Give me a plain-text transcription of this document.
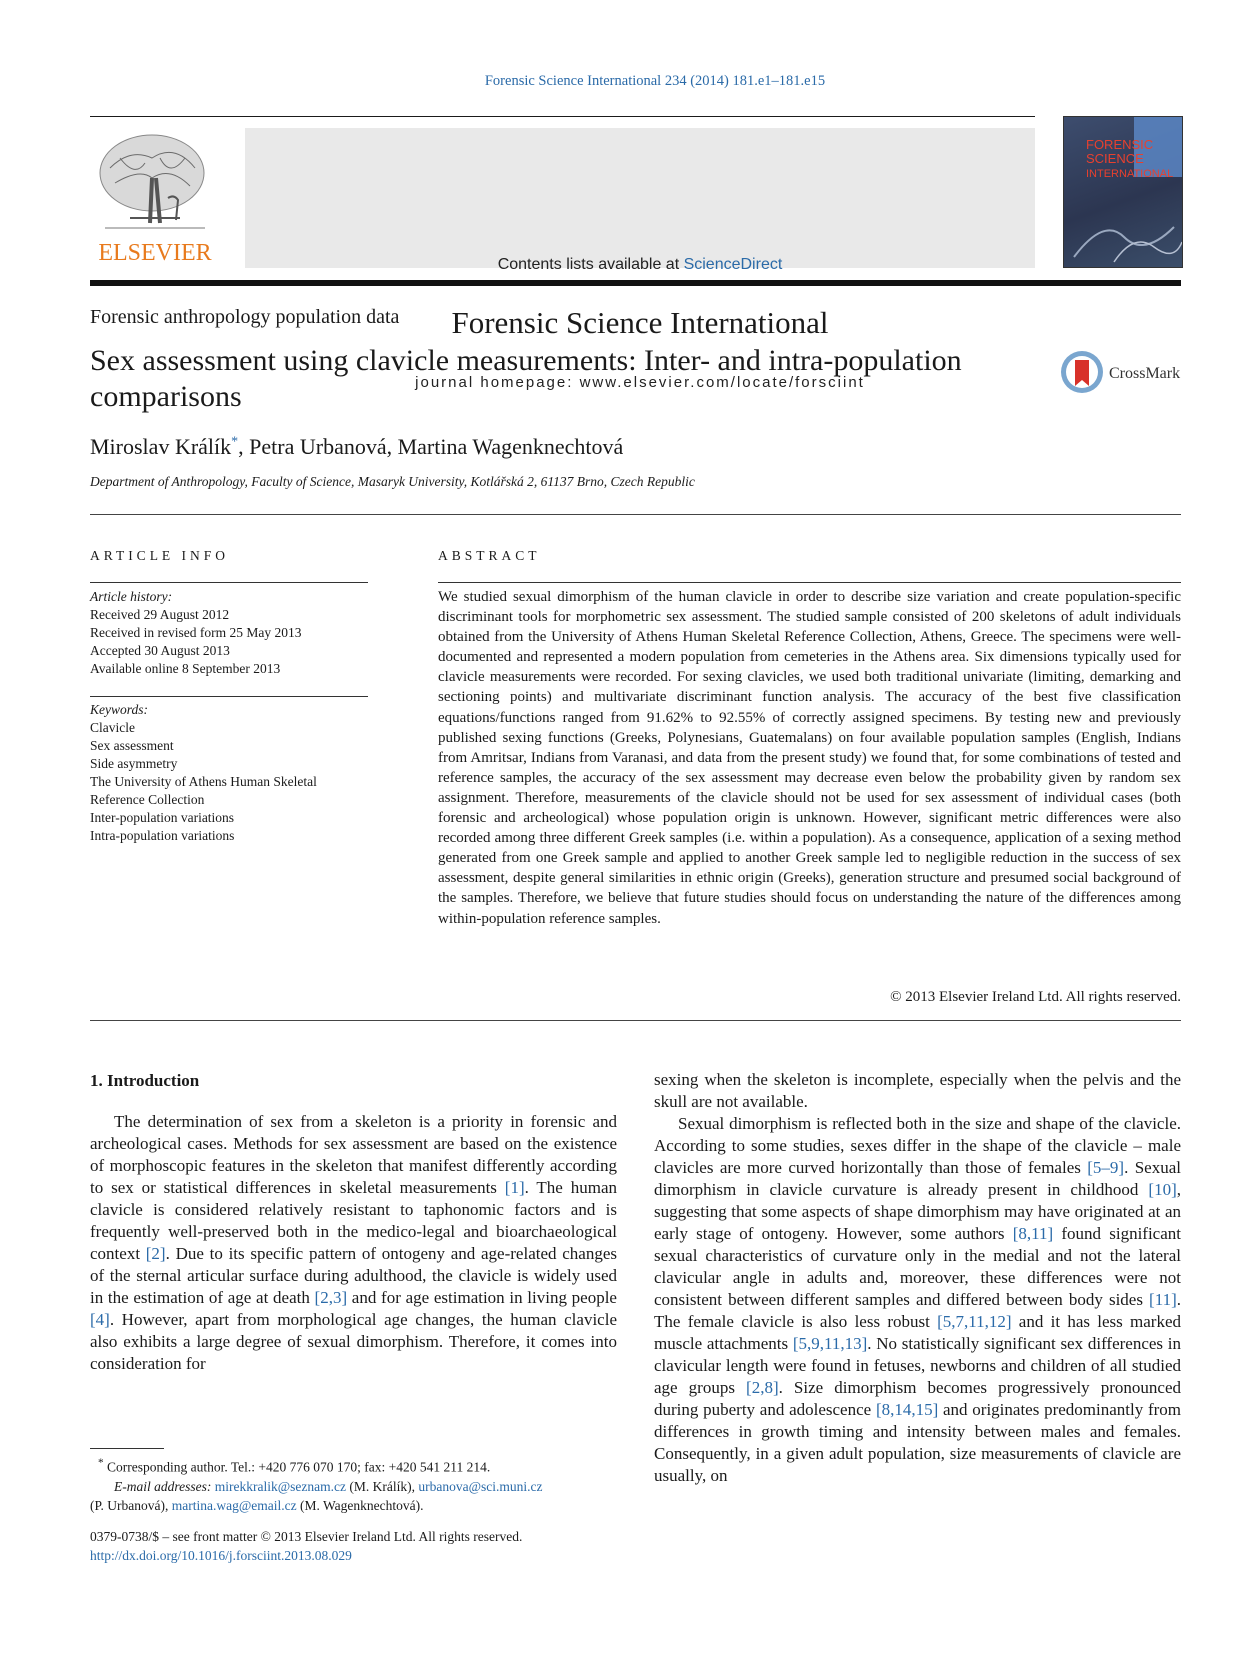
Forensic Science International 234 (2014) 181.e1–181.e15
ELSEVIER	Contents lists available at ScienceDirect
Forensic Science International
journal homepage: www.elsevier.com/locate/forsciint
FORENSIC
SCIENCE
INTERNATIONAL
Forensic anthropology population data
Sex assessment using clavicle measurements: Inter- and intra-population comparisons
CrossMark
Miroslav Králík*, Petra Urbanová, Martina Wagenknechtová
Department of Anthropology, Faculty of Science, Masaryk University, Kotlářská 2, 61137 Brno, Czech Republic
ARTICLE INFO
Article history:
Received 29 August 2012
Received in revised form 25 May 2013
Accepted 30 August 2013
Available online 8 September 2013
Keywords:
Clavicle
Sex assessment
Side asymmetry
The University of Athens Human Skeletal
Reference Collection
Inter-population variations
Intra-population variations
ABSTRACT
We studied sexual dimorphism of the human clavicle in order to describe size variation and create population-specific discriminant tools for morphometric sex assessment. The studied sample consisted of 200 skeletons of adult individuals obtained from the University of Athens Human Skeletal Reference Collection, Athens, Greece. The specimens were well-documented and represented a modern population from cemeteries in the Athens area. Six dimensions typically used for clavicle measurements were recorded. For sexing clavicles, we used both traditional univariate (limiting, demarking and sectioning points) and multivariate discriminant function analysis. The accuracy of the best five classification equations/functions ranged from 91.62% to 92.55% of correctly assigned specimens. By testing new and previously published sexing functions (Greeks, Polynesians, Guatemalans) on four available population samples (English, Indians from Amritsar, Indians from Varanasi, and data from the present study) we found that, for some combinations of tested and reference samples, the accuracy of the sex assessment may decrease even below the probability given by random sex assignment. Therefore, measurements of the clavicle should not be used for sex assessment of individual cases (both forensic and archeological) whose population origin is unknown. However, significant metric differences were also recorded among three different Greek samples (i.e. within a population). As a consequence, application of a sexing method generated from one Greek sample and applied to another Greek sample led to negligible reduction in the success of sex assessment, despite general similarities in ethnic origin (Greeks), generation structure and presumed social background of the samples. Therefore, we believe that future studies should focus on understanding the nature of the differences among within-population reference samples.
© 2013 Elsevier Ireland Ltd. All rights reserved.
1. Introduction

The determination of sex from a skeleton is a priority in forensic and archeological cases. Methods for sex assessment are based on the existence of morphoscopic features in the skeleton that manifest differently according to sex or statistical differences in skeletal measurements [1]. The human clavicle is considered relatively resistant to taphonomic factors and is frequently well-preserved both in the medico-legal and bioarchaeological context [2]. Due to its specific pattern of ontogeny and age-related changes of the sternal articular surface during adulthood, the clavicle is widely used in the estimation of age at death [2,3] and for age estimation in living people [4]. However, apart from morphological age changes, the human clavicle also exhibits a large degree of sexual dimorphism. Therefore, it comes into consideration for

sexing when the skeleton is incomplete, especially when the pelvis and the skull are not available.

Sexual dimorphism is reflected both in the size and shape of the clavicle. According to some studies, sexes differ in the shape of the clavicle – male clavicles are more curved horizontally than those of females [5–9]. Sexual dimorphism in clavicle curvature is already present in childhood [10], suggesting that some aspects of shape dimorphism may have originated at an early stage of ontogeny. However, some authors [8,11] found significant sexual characteristics of curvature only in the medial and not the lateral clavicular angle in adults and, moreover, these differences were not consistent between different samples and differed between body sides [11]. The female clavicle is also less robust [5,7,11,12] and it has less marked muscle attachments [5,9,11,13]. No statistically significant sex differences in clavicular length were found in fetuses, newborns and children of all studied age groups [2,8]. Size dimorphism becomes progressively pronounced during puberty and adolescence [8,14,15] and originates predominantly from differences in growth timing and intensity between males and females. Consequently, in a given adult population, size measurements of clavicle are usually, on

* Corresponding author. Tel.: +420 776 070 170; fax: +420 541 211 214.
E-mail addresses: mirekkralik@seznam.cz (M. Králík), urbanova@sci.muni.cz
(P. Urbanová), martina.wag@email.cz (M. Wagenknechtová).
0379-0738/$ – see front matter © 2013 Elsevier Ireland Ltd. All rights reserved.
http://dx.doi.org/10.1016/j.forsciint.2013.08.029
